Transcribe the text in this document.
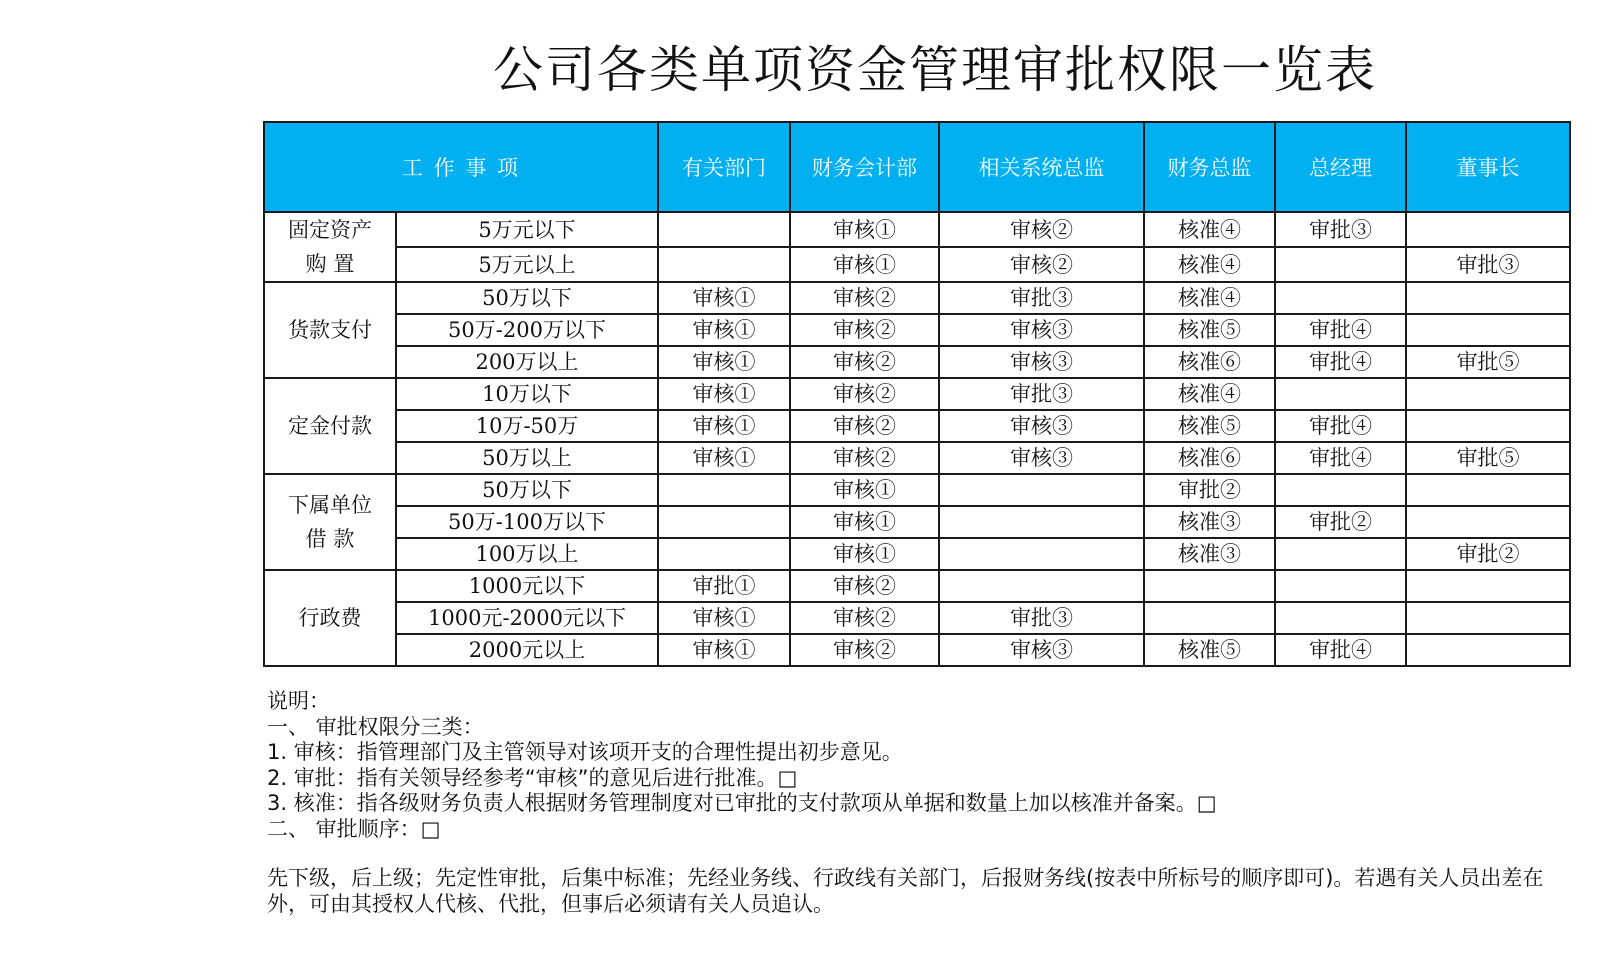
公司各类单项资金管理审批权限一览表
工 作 事 项		有关部门	财务会计部	相关系统总监	财务总监	总经理	董事长
固定资产
购 置	5万元以下		审核①	审核②	核准④	审批③	
	5万元以上		审核①	审核②	核准④		审批③
货款支付	50万以下	审核①	审核②	审批③	核准④		
	50万-200万以下	审核①	审核②	审核③	核准⑤	审批④	
	200万以上	审核①	审核②	审核③	核准⑥	审批④	审批⑤
定金付款	10万以下	审核①	审核②	审批③	核准④		
	10万-50万	审核①	审核②	审核③	核准⑤	审批④	
	50万以上	审核①	审核②	审核③	核准⑥	审批④	审批⑤
下属单位
借 款	50万以下		审核①		审批②		
	50万-100万以下		审核①		核准③	审批②	
	100万以上		审核①		核准③		审批②
行政费	1000元以下	审批①	审核②				
	1000元-2000元以下	审核①	审核②	审批③			
	2000元以上	审核①	审核②	审核③	核准⑤	审批④	
说明：
一、 审批权限分三类：
1. 审核：指管理部门及主管领导对该项开支的合理性提出初步意见。
2. 审批：指有关领导经参考“审核”的意见后进行批准。□
3. 核准：指各级财务负责人根据财务管理制度对已审批的支付款项从单据和数量上加以核准并备案。□
二、 审批顺序：□
先下级，后上级；先定性审批，后集中标准；先经业务线、行政线有关部门，后报财务线(按表中所标号的顺序即可)。若遇有关人员出差在外，可由其授权人代核、代批，但事后必须请有关人员追认。
